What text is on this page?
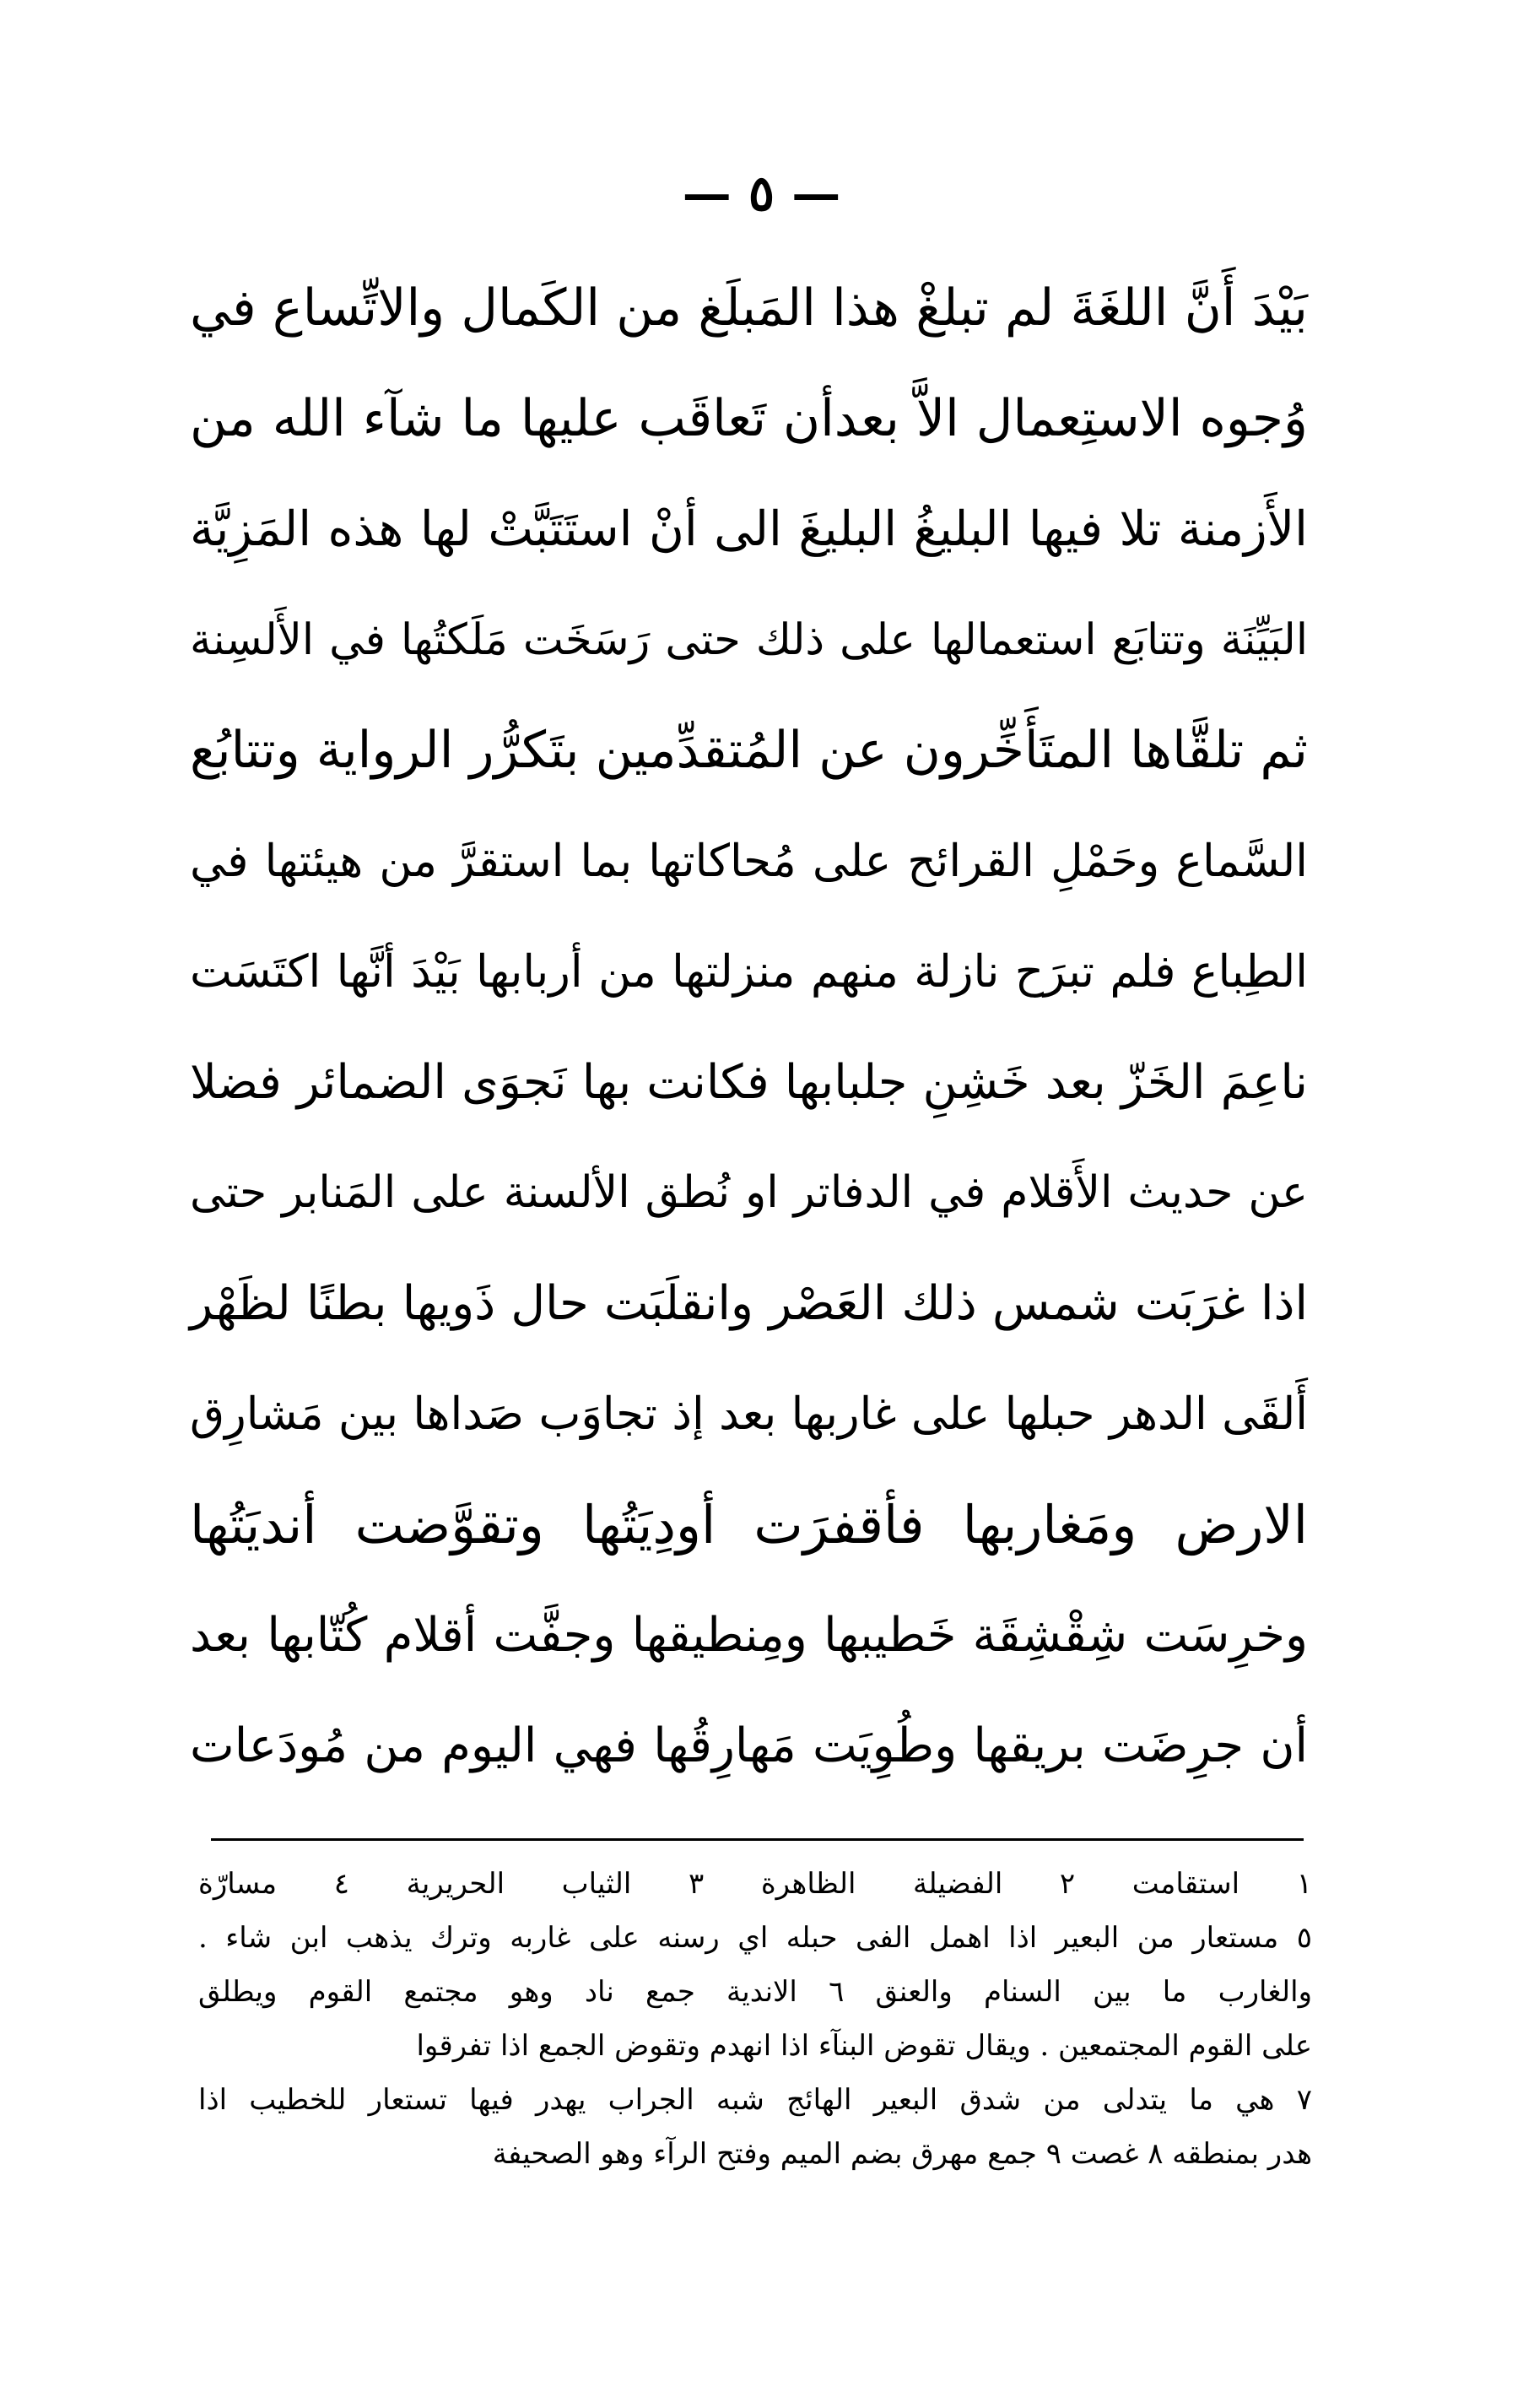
— ٥ —
بَيْدَ أَنَّ اللغَةَ لم تبلغْ هذا المَبلَغ من الكَمال والاتِّساع في
وُجوه الاستِعمال الاَّ بعدأن تَعاقَب عليها ما شآء الله من
الأَزمنة تلا فيها البليغُ البليغَ الى أنْ استَتَبَّتْ لها هذه المَزِيَّة
البَيِّنَة وتتابَع استعمالها على ذلك حتى رَسَخَت مَلَكتُها في الأَلسِنة
ثم تلقَّاها المتَأَخِّرون عن المُتقدِّمين بتَكرُّر الرواية وتتابُع
السَّماع وحَمْلِ القرائح على مُحاكاتها بما استقرَّ من هيئتها في
الطِباع فلم تبرَح نازلة منهم منزلتها من أربابها بَيْدَ أنَّها اكتَسَت
ناعِمَ الخَزّ بعد خَشِنِ جلبابها فكانت بها نَجوَى الضمائر فضلا
عن حديث الأَقلام في الدفاتر او نُطق الألسنة على المَنابر حتى
اذا غرَبَت شمس ذلك العَصْر وانقلَبَت حال ذَويها بطنًا لظَهْر
أَلقَى الدهر حبلها على غاربها بعد إذ تجاوَب صَداها بين مَشارِق
الارض ومَغاربها فأقفرَت أودِيَتُها وتقوَّضت أنديَتُها
وخرِسَت شِقْشِقَة خَطيبها ومِنطيقها وجفَّت أقلام كُتّابها بعد
أن جرِضَت بريقها وطُوِيَت مَهارِقُها فهي اليوم من مُودَعات
١ استقامت ٢ الفضيلة الظاهرة ٣ الثياب الحريرية ٤ مسارّة
٥ مستعار من البعير اذا اهمل الفى حبله اي رسنه على غاربه وترك يذهب ابن شاء .
والغارب ما بين السنام والعنق ٦ الاندية جمع ناد وهو مجتمع القوم ويطلق
على القوم المجتمعين . ويقال تقوض البنآء اذا انهدم وتقوض الجمع اذا تفرقوا
٧ هي ما يتدلى من شدق البعير الهائج شبه الجراب يهدر فيها تستعار للخطيب اذا
هدر بمنطقه ٨ غصت ٩ جمع مهرق بضم الميم وفتح الرآء وهو الصحيفة
